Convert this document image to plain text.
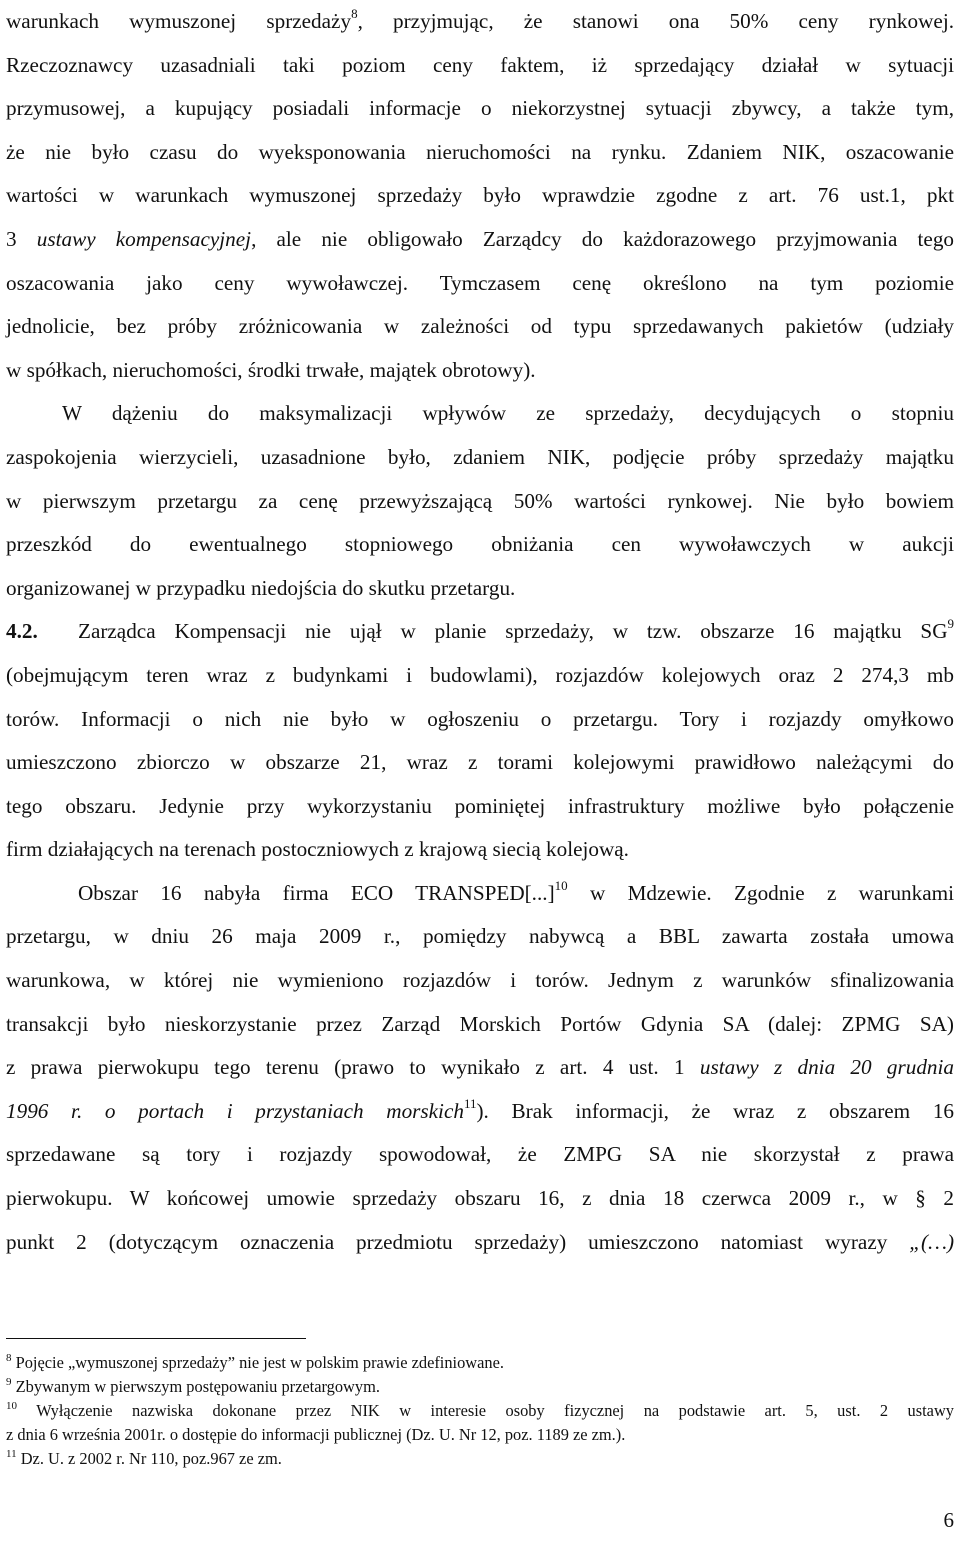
warunkach wymuszonej sprzedaży$^8$, przyjmując, że stanowi ona 50% ceny rynkowej.
Rzeczoznawcy uzasadniali taki poziom ceny faktem, iż sprzedający działał w sytuacji
przymusowej, a kupujący posiadali informacje o niekorzystnej sytuacji zbywcy, a także tym,
że nie było czasu do wyeksponowania nieruchomości na rynku. Zdaniem NIK, oszacowanie
wartości w warunkach wymuszonej sprzedaży było wprawdzie zgodne z art. 76 ust.1, pkt
3 ustawy kompensacyjnej, ale nie obligowało Zarządcy do każdorazowego przyjmowania tego
oszacowania jako ceny wywoławczej. Tymczasem cenę określono na tym poziomie
jednolicie, bez próby zróżnicowania w zależności od typu sprzedawanych pakietów (udziały
w spółkach, nieruchomości, środki trwałe, majątek obrotowy).

W dążeniu do maksymalizacji wpływów ze sprzedaży, decydujących o stopniu
zaspokojenia wierzycieli, uzasadnione było, zdaniem NIK, podjęcie próby sprzedaży majątku
w pierwszym przetargu za cenę przewyższającą 50% wartości rynkowej. Nie było bowiem
przeszkód do ewentualnego stopniowego obniżania cen wywoławczych w aukcji
organizowanej w przypadku niedojścia do skutku przetargu.

4.2. Zarządca Kompensacji nie ujął w planie sprzedaży, w tzw. obszarze 16 majątku $SG^9$
(obejmującym teren wraz z budynkami i budowlami), rozjazdów kolejowych oraz 2 274,3 mb
torów. Informacji o nich nie było w ogłoszeniu o przetargu. Tory i rozjazdy omyłkowo
umieszczono zbiorczo w obszarze 21, wraz z torami kolejowymi prawidłowo należącymi do
tego obszaru. Jedynie przy wykorzystaniu pominiętej infrastruktury możliwe było połączenie
firm działających na terenach postoczniowych z krajową siecią kolejową.

Obszar 16 nabyła firma ECO TRANSPED[...]$^{10}$ w Mdzewie. Zgodnie z warunkami
przetargu, w dniu 26 maja 2009 r., pomiędzy nabywcą a BBL zawarta została umowa
warunkowa, w której nie wymieniono rozjazdów i torów. Jednym z warunków sfinalizowania
transakcji było nieskorzystanie przez Zarząd Morskich Portów Gdynia SA (dalej: ZPMG SA)
z prawa pierwokupu tego terenu (prawo to wynikało z art. 4 ust. 1 ustawy z dnia 20 grudnia
1996 r. o portach i przystaniach morskich$^{11}$). Brak informacji, że wraz z obszarem 16
sprzedawane są tory i rozjazdy spowodował, że ZMPG SA nie skorzystał z prawa
pierwokupu. W końcowej umowie sprzedaży obszaru 16, z dnia 18 czerwca 2009 r., w § 2
punkt 2 (dotyczącym oznaczenia przedmiotu sprzedaży) umieszczono natomiast wyrazy „(…)

$^8$ Pojęcie „wymuszonej sprzedaży” nie jest w polskim prawie zdefiniowane.

$^9$ Zbywanym w pierwszym postępowaniu przetargowym.

$^{10}$ Wyłączenie nazwiska dokonane przez NIK w interesie osoby fizycznej na podstawie art. 5, ust. 2 ustawy
z dnia 6 września 2001r. o dostępie do informacji publicznej (Dz. U. Nr 12, poz. 1189 ze zm.).

$^{11}$ Dz. U. z 2002 r. Nr 110, poz.967 ze zm.

6
